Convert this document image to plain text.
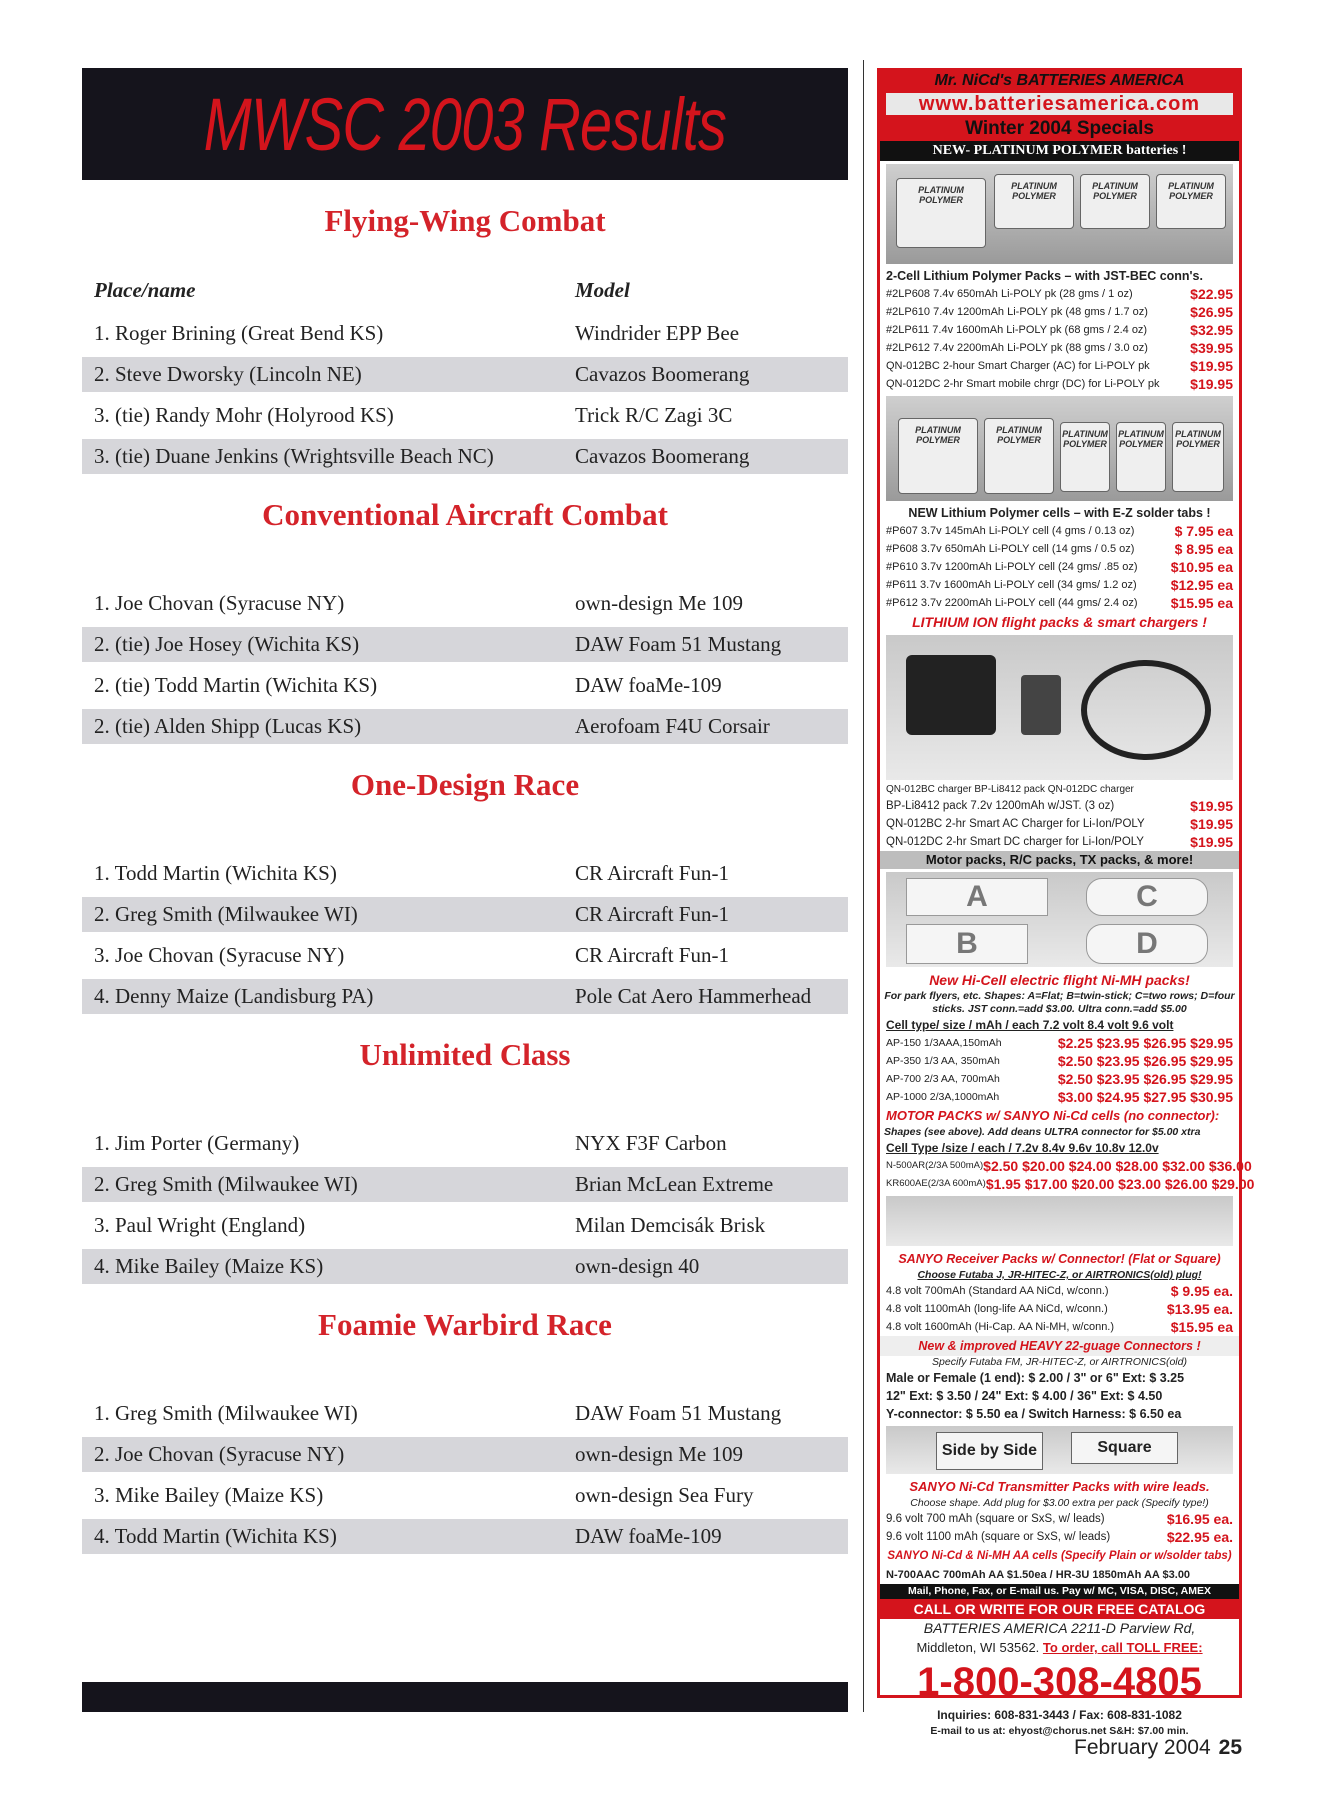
MWSC 2003 Results
Flying-Wing Combat
Place/name	Model
1. Roger Brining (Great Bend KS)	Windrider EPP Bee
2. Steve Dworsky (Lincoln NE)	Cavazos Boomerang
3. (tie) Randy Mohr (Holyrood KS)	Trick R/C Zagi 3C
3. (tie) Duane Jenkins (Wrightsville Beach NC)	Cavazos Boomerang
Conventional Aircraft Combat
1. Joe Chovan (Syracuse NY)	own-design Me 109
2. (tie) Joe Hosey (Wichita KS)	DAW Foam 51 Mustang
2. (tie) Todd Martin (Wichita KS)	DAW foaMe-109
2. (tie) Alden Shipp (Lucas KS)	Aerofoam F4U Corsair
One-Design Race
1. Todd Martin (Wichita KS)	CR Aircraft Fun-1
2. Greg Smith (Milwaukee WI)	CR Aircraft Fun-1
3. Joe Chovan (Syracuse NY)	CR Aircraft Fun-1
4. Denny Maize (Landisburg PA)	Pole Cat Aero Hammerhead
Unlimited Class
1. Jim Porter (Germany)	NYX F3F Carbon
2. Greg Smith (Milwaukee WI)	Brian McLean Extreme
3. Paul Wright (England)	Milan Demcisák Brisk
4. Mike Bailey (Maize KS)	own-design 40
Foamie Warbird Race
1. Greg Smith (Milwaukee WI)	DAW Foam 51 Mustang
2. Joe Chovan (Syracuse NY)	own-design Me 109
3. Mike Bailey (Maize KS)	own-design Sea Fury
4. Todd Martin (Wichita KS)	DAW foaMe-109
Mr. NiCd's BATTERIES AMERICA
www.batteriesamerica.com
Winter 2004 Specials
NEW- PLATINUM POLYMER batteries !
PLATINUM POLYMER
PLATINUM POLYMER
PLATINUM POLYMER
PLATINUM POLYMER
2-Cell Lithium Polymer Packs – with JST-BEC conn's.
#2LP608 7.4v 650mAh Li-POLY pk (28 gms / 1 oz)	$22.95
#2LP610 7.4v 1200mAh Li-POLY pk (48 gms / 1.7 oz)	$26.95
#2LP611 7.4v 1600mAh Li-POLY pk (68 gms / 2.4 oz)	$32.95
#2LP612 7.4v 2200mAh Li-POLY pk (88 gms / 3.0 oz)	$39.95
QN-012BC 2-hour Smart Charger (AC) for Li-POLY pk	$19.95
QN-012DC 2-hr Smart mobile chrgr (DC) for Li-POLY pk $19.95
PLATINUM POLYMER
PLATINUM POLYMER
PLATINUM POLYMER
PLATINUM POLYMER
PLATINUM POLYMER
NEW Lithium Polymer cells – with E-Z solder tabs !
#P607 3.7v 145mAh Li-POLY cell (4 gms / 0.13 oz)	$ 7.95 ea
#P608 3.7v 650mAh Li-POLY cell (14 gms / 0.5 oz)	$ 8.95 ea
#P610 3.7v 1200mAh Li-POLY cell (24 gms/ .85 oz) $10.95 ea
#P611 3.7v 1600mAh Li-POLY cell (34 gms/ 1.2 oz) $12.95 ea
#P612 3.7v 2200mAh Li-POLY cell (44 gms/ 2.4 oz) $15.95 ea
LITHIUM ION flight packs & smart chargers !
QN-012BC charger BP-Li8412 pack QN-012DC charger
BP-Li8412 pack 7.2v 1200mAh w/JST. (3 oz)	$19.95
QN-012BC 2-hr Smart AC Charger for Li-Ion/POLY	$19.95
QN-012DC 2-hr Smart DC charger for Li-Ion/POLY	$19.95
Motor packs, R/C packs, TX packs, & more!
A	C
B	D
New Hi-Cell electric flight Ni-MH packs!
For park flyers, etc. Shapes: A=Flat; B=twin-stick; C=two rows; D=four sticks. JST conn.=add $3.00. Ultra conn.=add $5.00
Cell type/ size / mAh / each 7.2 volt 8.4 volt 9.6 volt
AP-150 1/3AAA,150mAh	$2.25 $23.95 $26.95 $29.95
AP-350 1/3 AA, 350mAh	$2.50 $23.95 $26.95 $29.95
AP-700 2/3 AA, 700mAh	$2.50 $23.95 $26.95 $29.95
AP-1000 2/3A,1000mAh	$3.00 $24.95 $27.95 $30.95
MOTOR PACKS w/ SANYO Ni-Cd cells (no connector):
Shapes (see above). Add deans ULTRA connector for $5.00 xtra
Cell Type /size / each / 7.2v 8.4v 9.6v 10.8v 12.0v
N-500AR(2/3A 500mA) $2.50 $20.00 $24.00 $28.00 $32.00 $36.00
KR600AE(2/3A 600mA) $1.95 $17.00 $20.00 $23.00 $26.00 $29.00
SANYO Receiver Packs w/ Connector! (Flat or Square)
Choose Futaba J, JR-HITEC-Z, or AIRTRONICS(old) plug!
4.8 volt 700mAh (Standard AA NiCd, w/conn.)	$ 9.95 ea.
4.8 volt 1100mAh (long-life AA NiCd, w/conn.)	$13.95 ea.
4.8 volt 1600mAh (Hi-Cap. AA Ni-MH, w/conn.)	$15.95 ea
New & improved HEAVY 22-guage Connectors !
Specify Futaba FM, JR-HITEC-Z, or AIRTRONICS(old)
Male or Female (1 end): $ 2.00 / 3" or 6" Ext: $ 3.25
12" Ext: $ 3.50 / 24" Ext: $ 4.00 / 36" Ext: $ 4.50
Y-connector: $ 5.50 ea / Switch Harness: $ 6.50 ea
Side by Side	Square
SANYO Ni-Cd Transmitter Packs with wire leads.
Choose shape. Add plug for $3.00 extra per pack (Specify type!)
9.6 volt 700 mAh (square or SxS, w/ leads)	$16.95 ea.
9.6 volt 1100 mAh (square or SxS, w/ leads)	$22.95 ea.
SANYO Ni-Cd & Ni-MH AA cells (Specify Plain or w/solder tabs)
N-700AAC 700mAh AA $1.50ea / HR-3U 1850mAh AA $3.00
Mail, Phone, Fax, or E-mail us. Pay w/ MC, VISA, DISC, AMEX
CALL OR WRITE FOR OUR FREE CATALOG
BATTERIES AMERICA 2211-D Parview Rd,
Middleton, WI 53562. To order, call TOLL FREE:
1-800-308-4805
Inquiries: 608-831-3443 / Fax: 608-831-1082
E-mail to us at: ehyost@chorus.net S&H: $7.00 min.
February 2004 25
